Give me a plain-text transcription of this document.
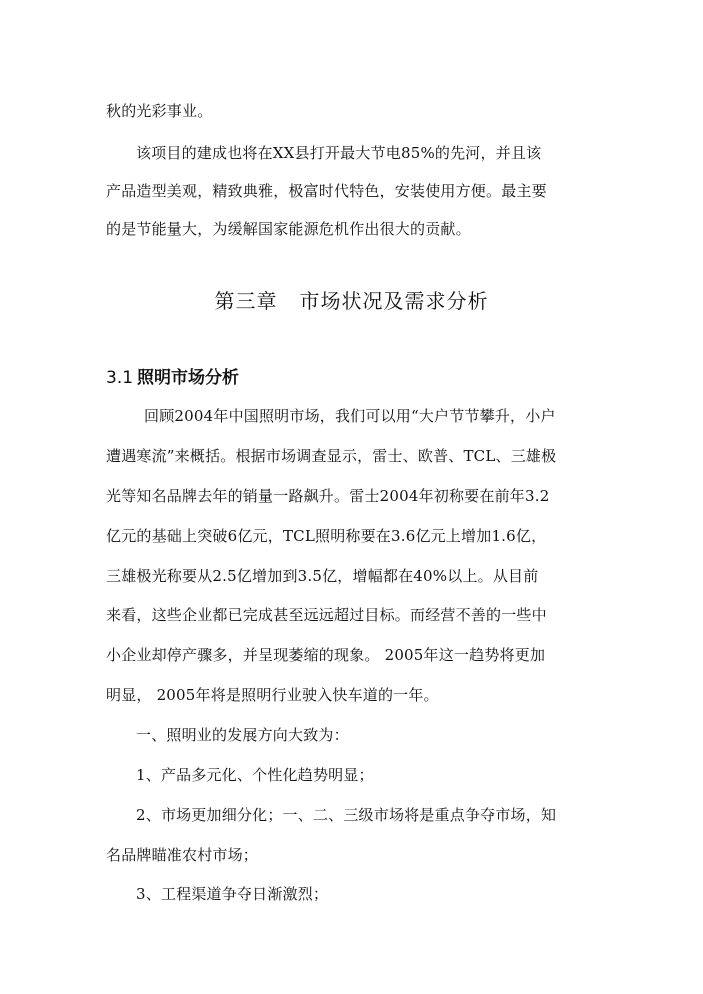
秋的光彩事业。
该项目的建成也将在XX县打开最大节电85%的先河，并且该
产品造型美观，精致典雅，极富时代特色，安装使用方便。最主要
的是节能量大，为缓解国家能源危机作出很大的贡献。
第三章   市场状况及需求分析
3.1 照明市场分析
回顾2004年中国照明市场，我们可以用“大户节节攀升，小户
遭遇寒流”来概括。根据市场调查显示，雷士、欧普、TCL、三雄极
光等知名品牌去年的销量一路飙升。雷士2004年初称要在前年3.2
亿元的基础上突破6亿元，TCL照明称要在3.6亿元上增加1.6亿，
三雄极光称要从2.5亿增加到3.5亿，增幅都在40%以上。从目前
来看，这些企业都已完成甚至远远超过目标。而经营不善的一些中
小企业却停产骤多，并呈现萎缩的现象。 2005年这一趋势将更加
明显， 2005年将是照明行业驶入快车道的一年。
一、照明业的发展方向大致为：
1、产品多元化、个性化趋势明显；
2、市场更加细分化；一、二、三级市场将是重点争夺市场，知
名品牌瞄准农村市场；
3、工程渠道争夺日渐激烈；
